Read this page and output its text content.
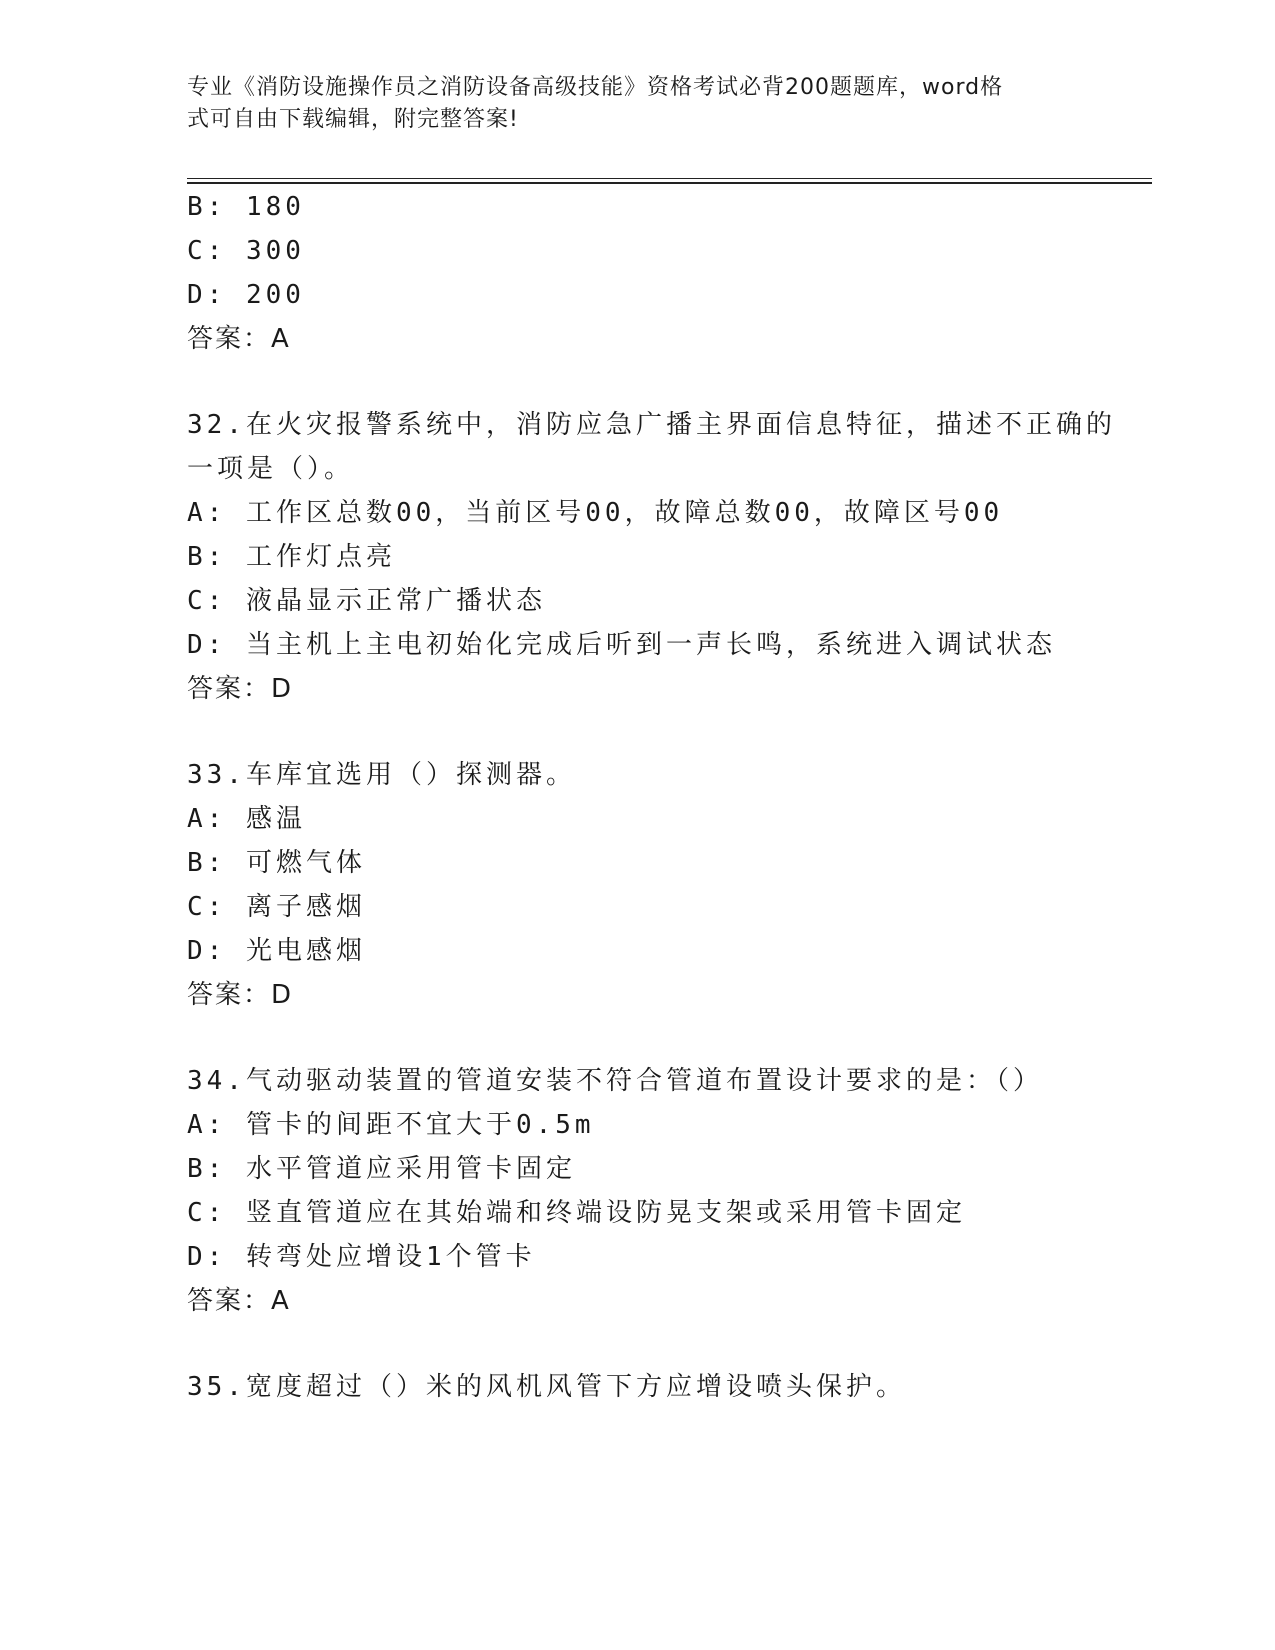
专业《消防设施操作员之消防设备高级技能》资格考试必背200题题库，word格
式可自由下载编辑，附完整答案!
B: 180
C: 300
D: 200
答案：A
32.在火灾报警系统中，消防应急广播主界面信息特征，描述不正确的
一项是（）。
A: 工作区总数00，当前区号00，故障总数00，故障区号00
B: 工作灯点亮
C: 液晶显示正常广播状态
D: 当主机上主电初始化完成后听到一声长鸣，系统进入调试状态
答案：D
33.车库宜选用（）探测器。
A: 感温
B: 可燃气体
C: 离子感烟
D: 光电感烟
答案：D
34.气动驱动装置的管道安装不符合管道布置设计要求的是：（）
A: 管卡的间距不宜大于0.5m
B: 水平管道应采用管卡固定
C: 竖直管道应在其始端和终端设防晃支架或采用管卡固定
D: 转弯处应增设1个管卡
答案：A
35.宽度超过（）米的风机风管下方应增设喷头保护。
